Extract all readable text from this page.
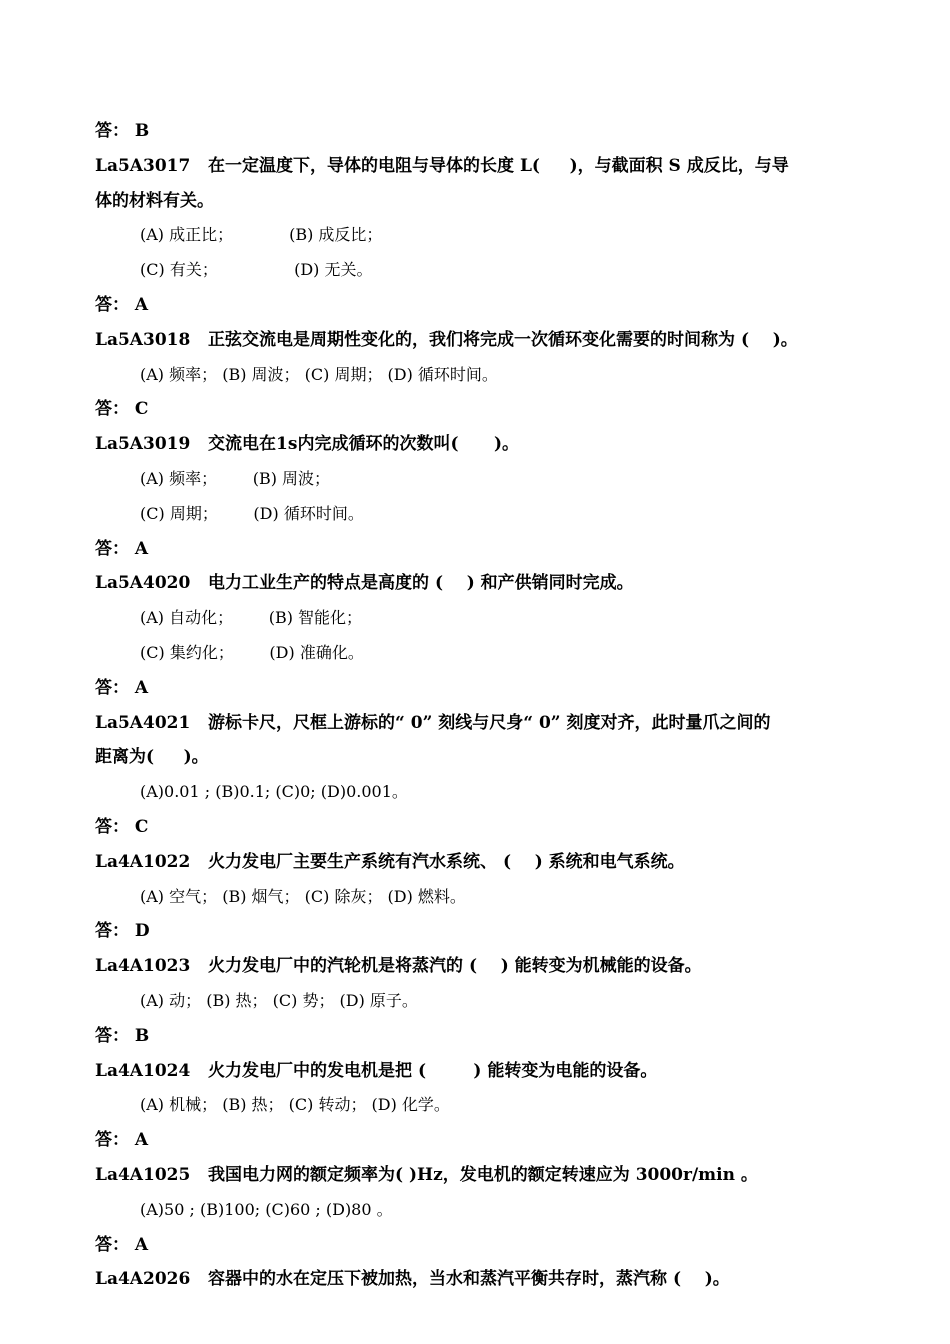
答： B
La5A3017   在一定温度下，导体的电阻与导体的长度 L(     )，与截面积 S 成反比，与导
体的材料有关。
(A) 成正比；           (B) 成反比；
(C) 有关；               (D) 无关。
答： A
La5A3018   正弦交流电是周期性变化的，我们将完成一次循环变化需要的时间称为 (    )。
(A) 频率； (B) 周波； (C) 周期； (D) 循环时间。
答： C
La5A3019   交流电在1s内完成循环的次数叫(      )。
(A) 频率；       (B) 周波；
(C) 周期；       (D) 循环时间。
答： A
La5A4020   电力工业生产的特点是高度的 (    ) 和产供销同时完成。
(A) 自动化；       (B) 智能化；
(C) 集约化；       (D) 准确化。
答： A
La5A4021   游标卡尺，尺框上游标的“ 0” 刻线与尺身“ 0” 刻度对齐，此时量爪之间的
距离为(     )。
(A)0.01 ; (B)0.1; (C)0; (D)0.001。
答： C
La4A1022   火力发电厂主要生产系统有汽水系统、 (    ) 系统和电气系统。
(A) 空气； (B) 烟气； (C) 除灰； (D) 燃料。
答： D
La4A1023   火力发电厂中的汽轮机是将蒸汽的 (    ) 能转变为机械能的设备。
(A) 动； (B) 热； (C) 势； (D) 原子。
答： B
La4A1024   火力发电厂中的发电机是把 (        ) 能转变为电能的设备。
(A) 机械； (B) 热； (C) 转动； (D) 化学。
答： A
La4A1025   我国电力网的额定频率为( )Hz，发电机的额定转速应为 3000r/min 。
(A)50 ; (B)100; (C)60 ; (D)80 。
答： A
La4A2026   容器中的水在定压下被加热，当水和蒸汽平衡共存时，蒸汽称 (    )。
